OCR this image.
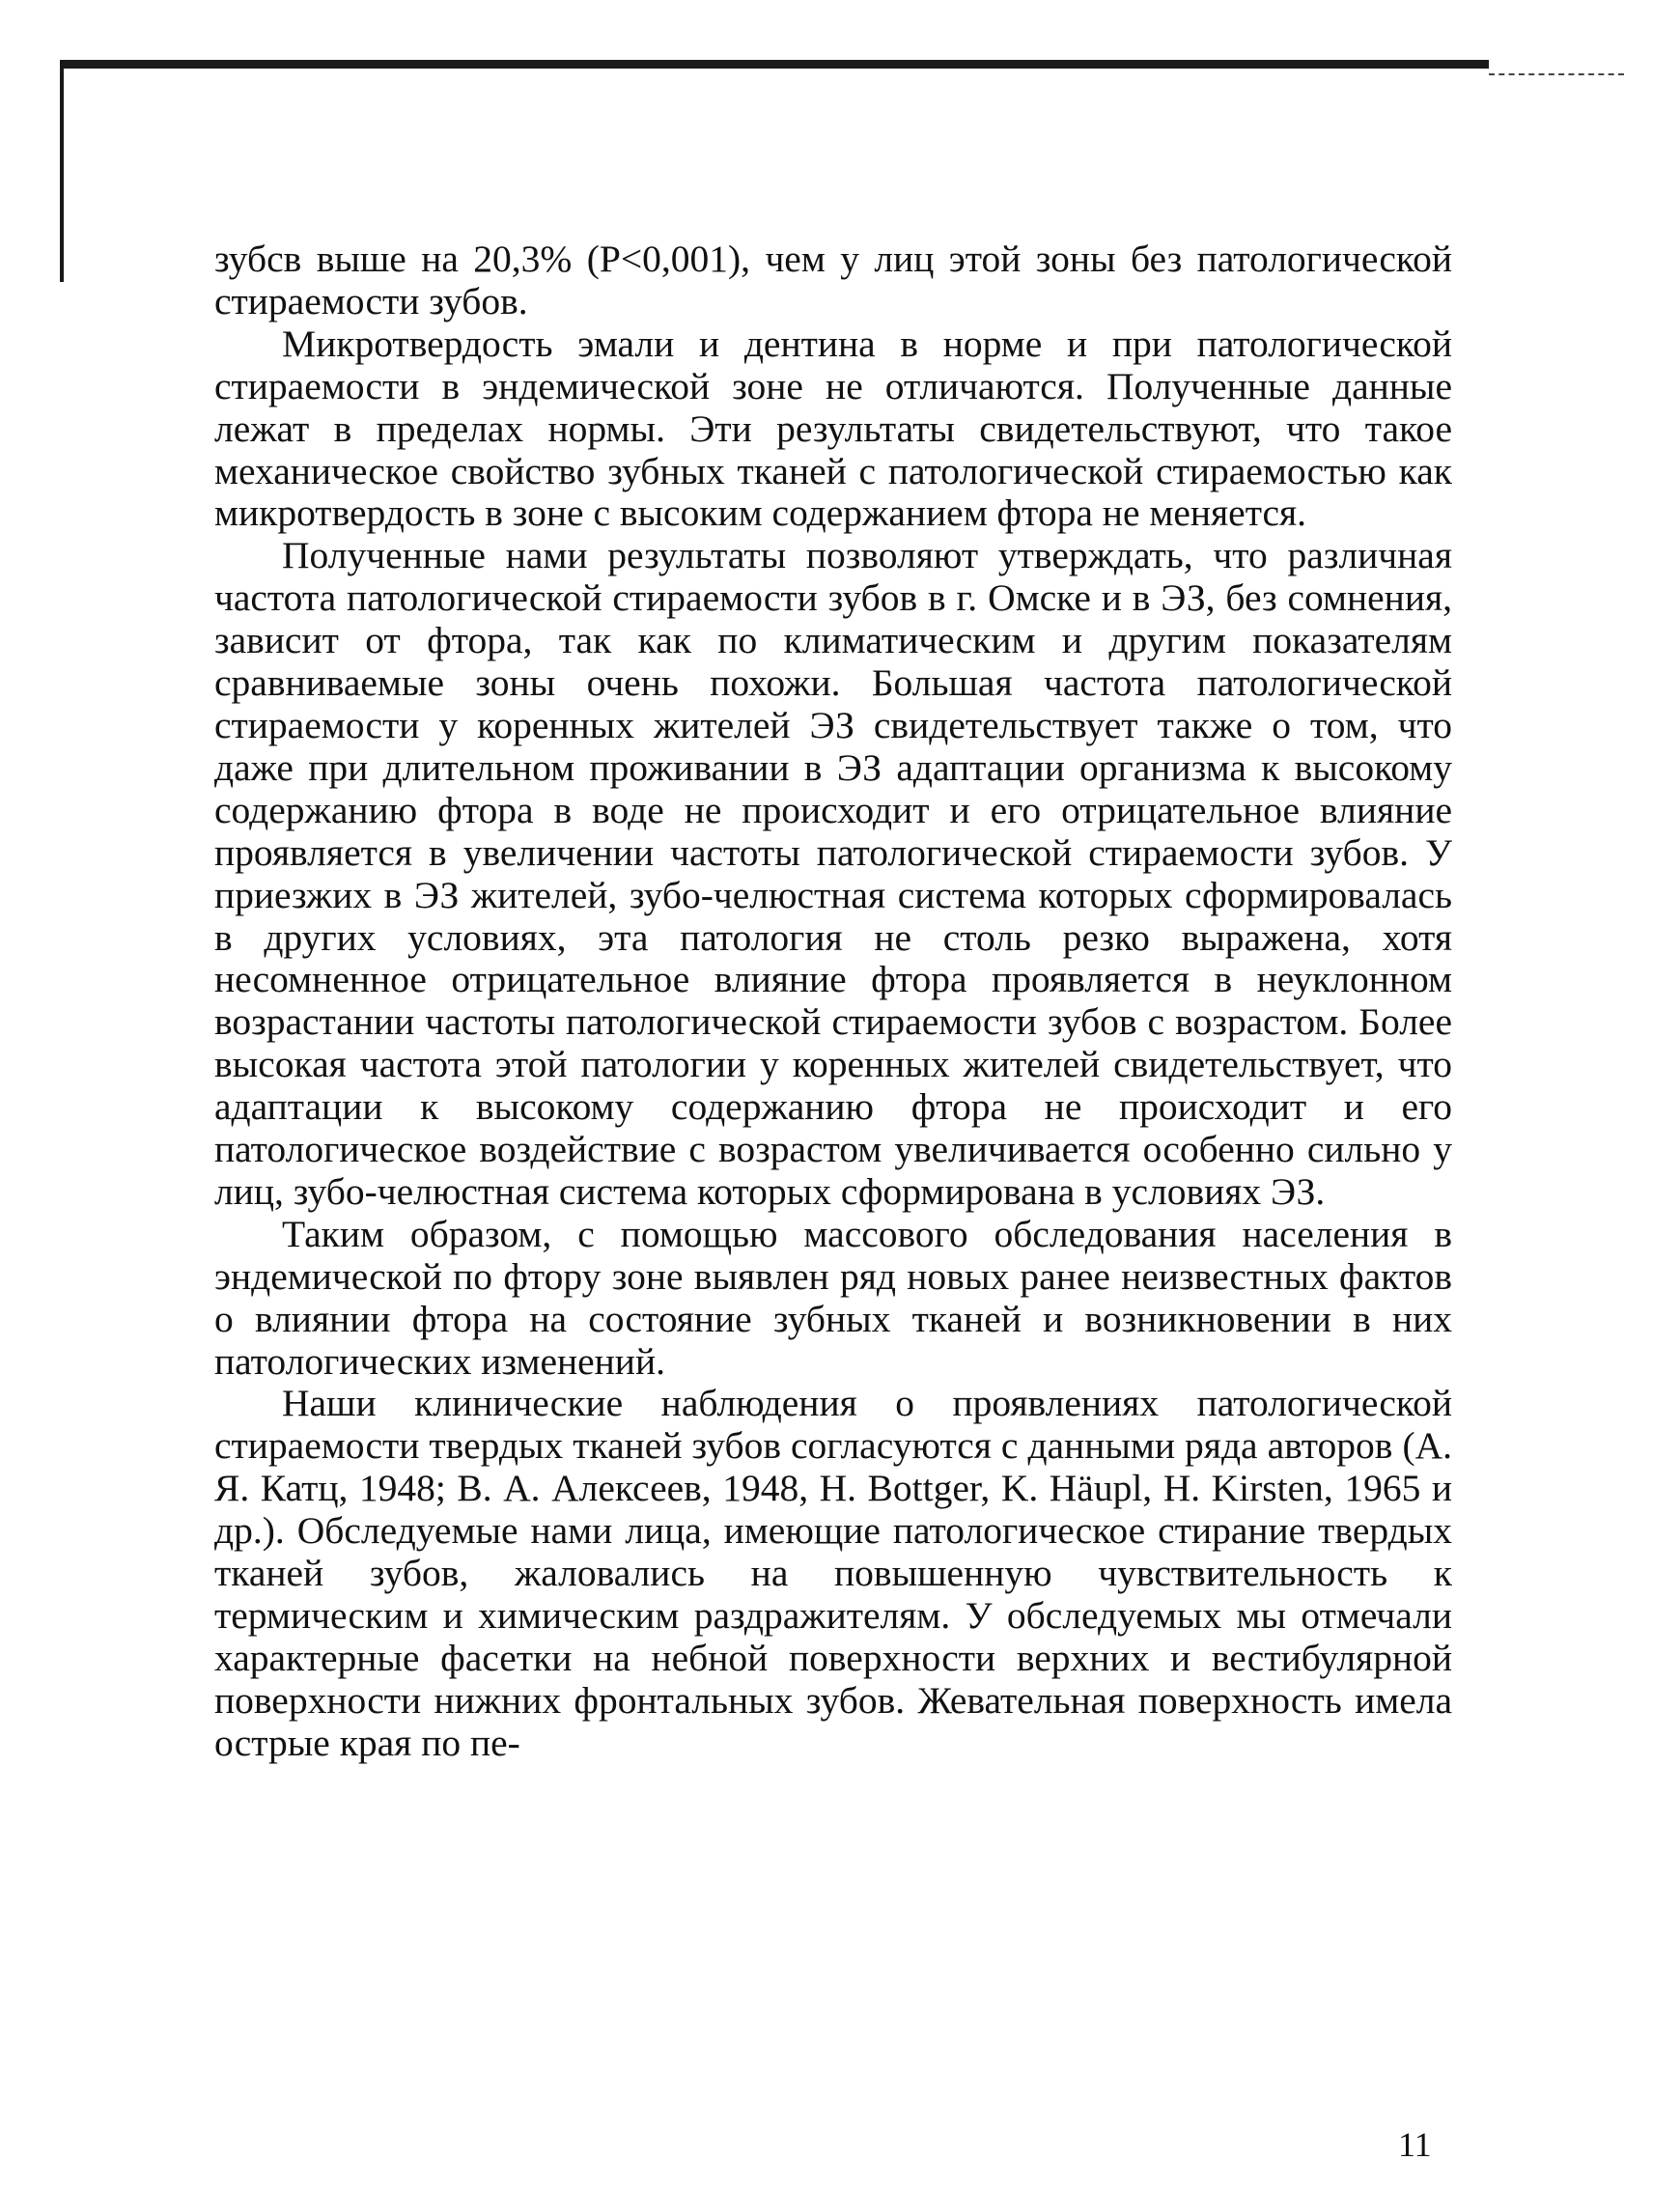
зубсв выше на 20,3% (P<0,001), чем у лиц этой зоны без патологической стираемости зубов.

Микротвердость эмали и дентина в норме и при патологической стираемости в эндемической зоне не отличаются. Полученные данные лежат в пределах нормы. Эти результаты свидетельствуют, что такое механическое свойство зубных тканей с патологической стираемостью как микротвердость в зоне с высоким содержанием фтора не меняется.

Полученные нами результаты позволяют утверждать, что различная частота патологической стираемости зубов в г. Омске и в ЭЗ, без сомнения, зависит от фтора, так как по климатическим и другим показателям сравниваемые зоны очень похожи. Большая частота патологической стираемости у коренных жителей ЭЗ свидетельствует также о том, что даже при длительном проживании в ЭЗ адаптации организма к высокому содержанию фтора в воде не происходит и его отрицательное влияние проявляется в увеличении частоты патологической стираемости зубов. У приезжих в ЭЗ жителей, зубо-челюстная система которых сформировалась в других условиях, эта патология не столь резко выражена, хотя несомненное отрицательное влияние фтора проявляется в неуклонном возрастании частоты патологической стираемости зубов с возрастом. Более высокая частота этой патологии у коренных жителей свидетельствует, что адаптации к высокому содержанию фтора не происходит и его патологическое воздействие с возрастом увеличивается особенно сильно у лиц, зубо-челюстная система которых сформирована в условиях ЭЗ.

Таким образом, с помощью массового обследования населения в эндемической по фтору зоне выявлен ряд новых ранее неизвестных фактов о влиянии фтора на состояние зубных тканей и возникновении в них патологических изменений.

Наши клинические наблюдения о проявлениях патологической стираемости твердых тканей зубов согласуются с данными ряда авторов (А. Я. Катц, 1948; В. А. Алексеев, 1948, H. Bottger, K. Häupl, H. Kirsten, 1965 и др.). Обследуемые нами лица, имеющие патологическое стирание твердых тканей зубов, жаловались на повышенную чувствительность к термическим и химическим раздражителям. У обследуемых мы отмечали характерные фасетки на небной поверхности верхних и вестибулярной поверхности нижних фронтальных зубов. Жевательная поверхность имела острые края по пе-

11
